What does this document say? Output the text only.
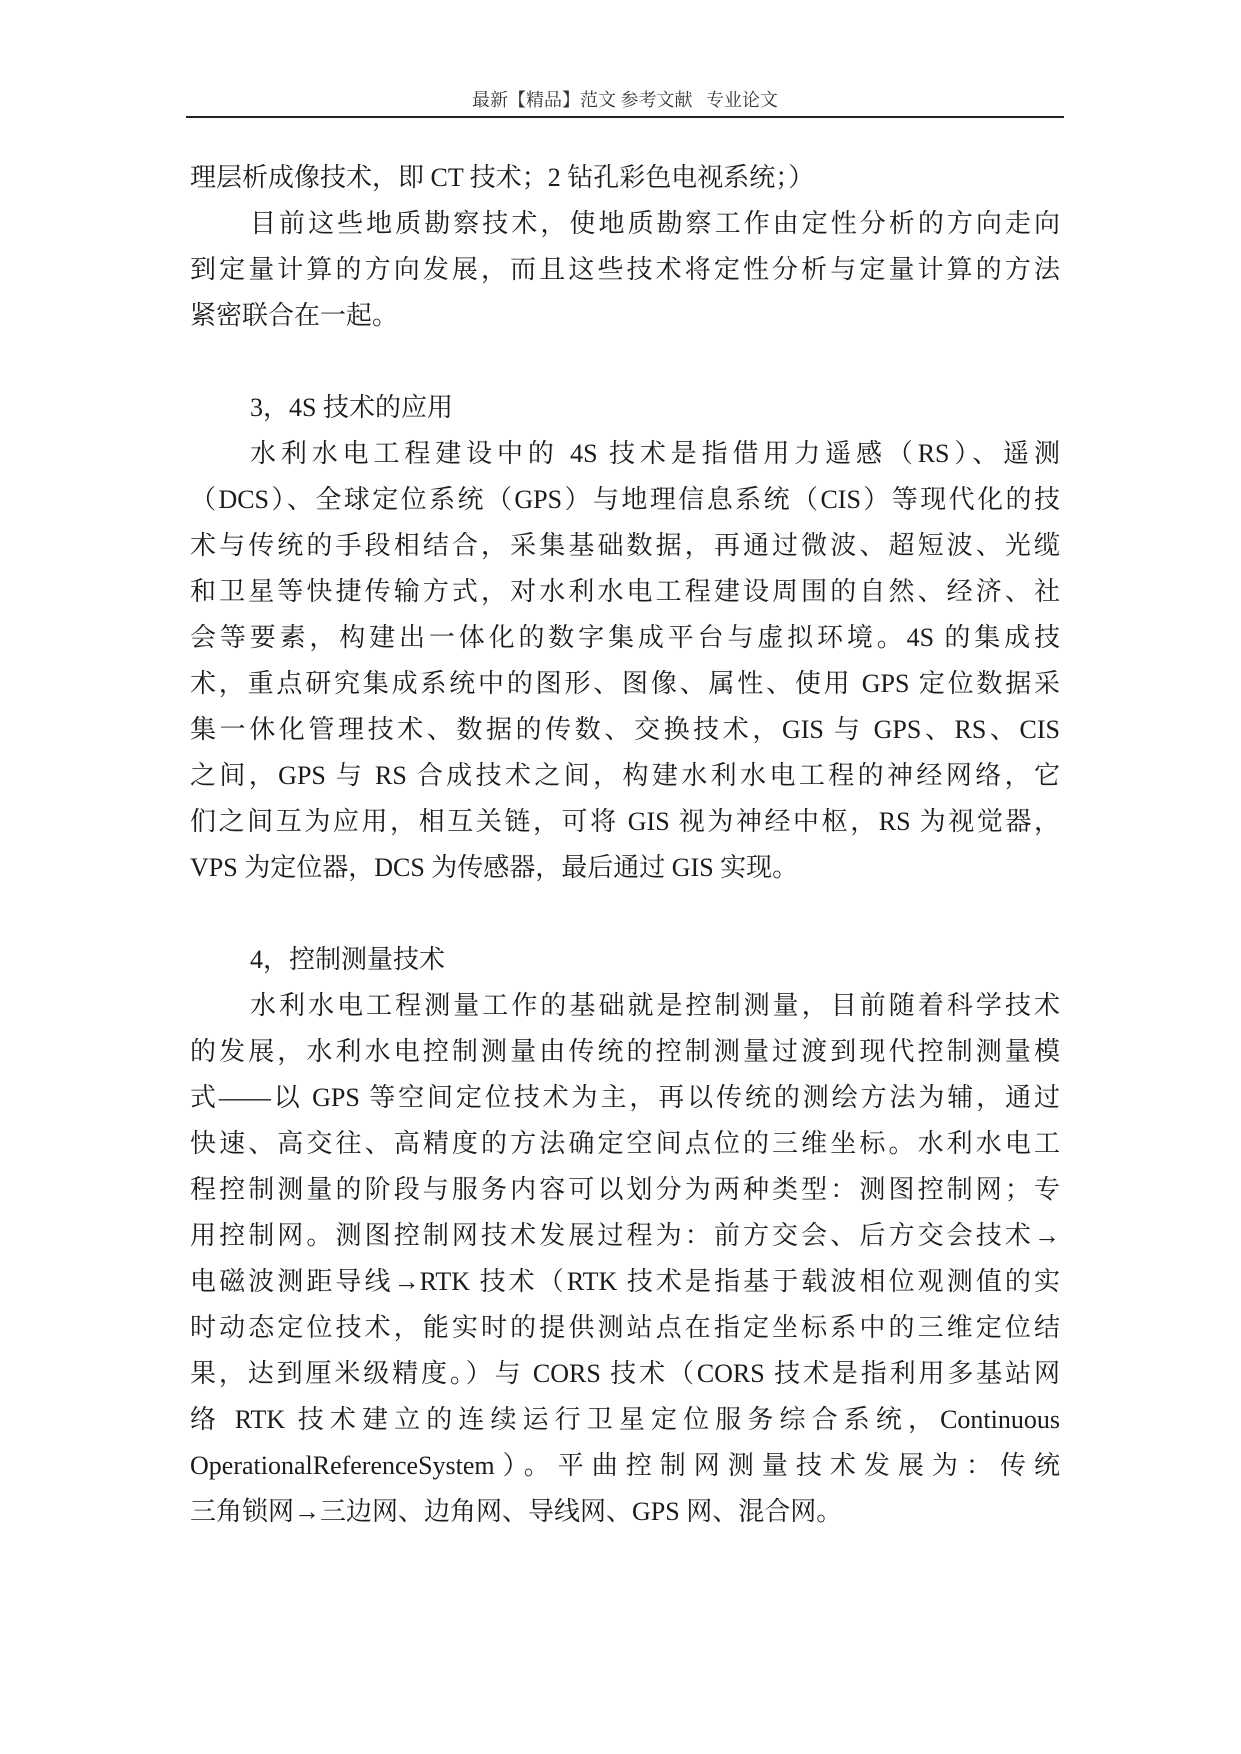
最新【精品】范文 参考文献   专业论文
理层析成像技术，即 CT 技术；2 钻孔彩色电视系统；）
目前这些地质勘察技术，使地质勘察工作由定性分析的方向走向
到定量计算的方向发展，而且这些技术将定性分析与定量计算的方法
紧密联合在一起。
3，4S 技术的应用
水利水电工程建设中的 4S 技术是指借用力遥感（RS）、遥测
（DCS）、全球定位系统（GPS）与地理信息系统（CIS）等现代化的技
术与传统的手段相结合，采集基础数据，再通过微波、超短波、光缆
和卫星等快捷传输方式，对水利水电工程建设周围的自然、经济、社
会等要素，构建出一体化的数字集成平台与虚拟环境。4S 的集成技
术，重点研究集成系统中的图形、图像、属性、使用 GPS 定位数据采
集一休化管理技术、数据的传数、交换技术，GIS 与 GPS、RS、CIS
之间，GPS 与 RS 合成技术之间，构建水利水电工程的神经网络，它
们之间互为应用，相互关链，可将 GIS 视为神经中枢，RS 为视觉器，
VPS 为定位器，DCS 为传感器，最后通过 GIS 实现。
4，控制测量技术
水利水电工程测量工作的基础就是控制测量，目前随着科学技术
的发展，水利水电控制测量由传统的控制测量过渡到现代控制测量模
式——以 GPS 等空间定位技术为主，再以传统的测绘方法为辅，通过
快速、高交往、高精度的方法确定空间点位的三维坐标。水利水电工
程控制测量的阶段与服务内容可以划分为两种类型：测图控制网；专
用控制网。测图控制网技术发展过程为：前方交会、后方交会技术→
电磁波测距导线→RTK 技术（RTK 技术是指基于载波相位观测值的实
时动态定位技术，能实时的提供测站点在指定坐标系中的三维定位结
果，达到厘米级精度。）与 CORS 技术（CORS 技术是指利用多基站网
络 RTK 技术建立的连续运行卫星定位服务综合系统，Continuous
OperationalReferenceSystem）。平曲控制网测量技术发展为：传统
三角锁网→三边网、边角网、导线网、GPS 网、混合网。
